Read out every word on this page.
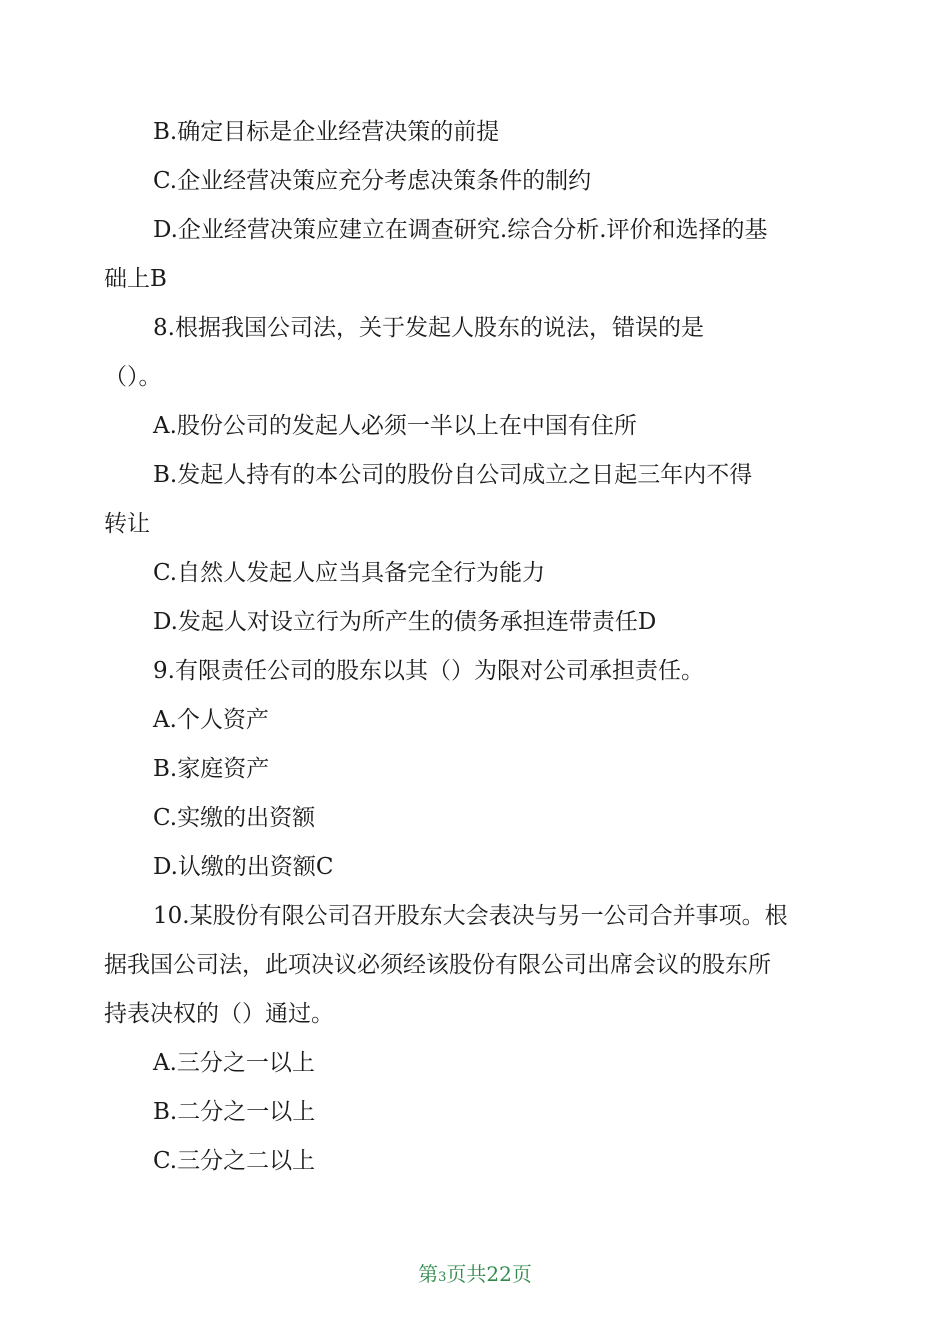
B.确定目标是企业经营决策的前提

C.企业经营决策应充分考虑决策条件的制约

D.企业经营决策应建立在调查研究.综合分析.评价和选择的基

础上B

8.根据我国公司法，关于发起人股东的说法，错误的是

（）。

A.股份公司的发起人必须一半以上在中国有住所

B.发起人持有的本公司的股份自公司成立之日起三年内不得

转让

C.自然人发起人应当具备完全行为能力

D.发起人对设立行为所产生的债务承担连带责任D

9.有限责任公司的股东以其（）为限对公司承担责任。

A.个人资产

B.家庭资产

C.实缴的出资额

D.认缴的出资额C

10.某股份有限公司召开股东大会表决与另一公司合并事项。根

据我国公司法，此项决议必须经该股份有限公司出席会议的股东所

持表决权的（）通过。

A.三分之一以上

B.二分之一以上

C.三分之二以上

第3页共22页
